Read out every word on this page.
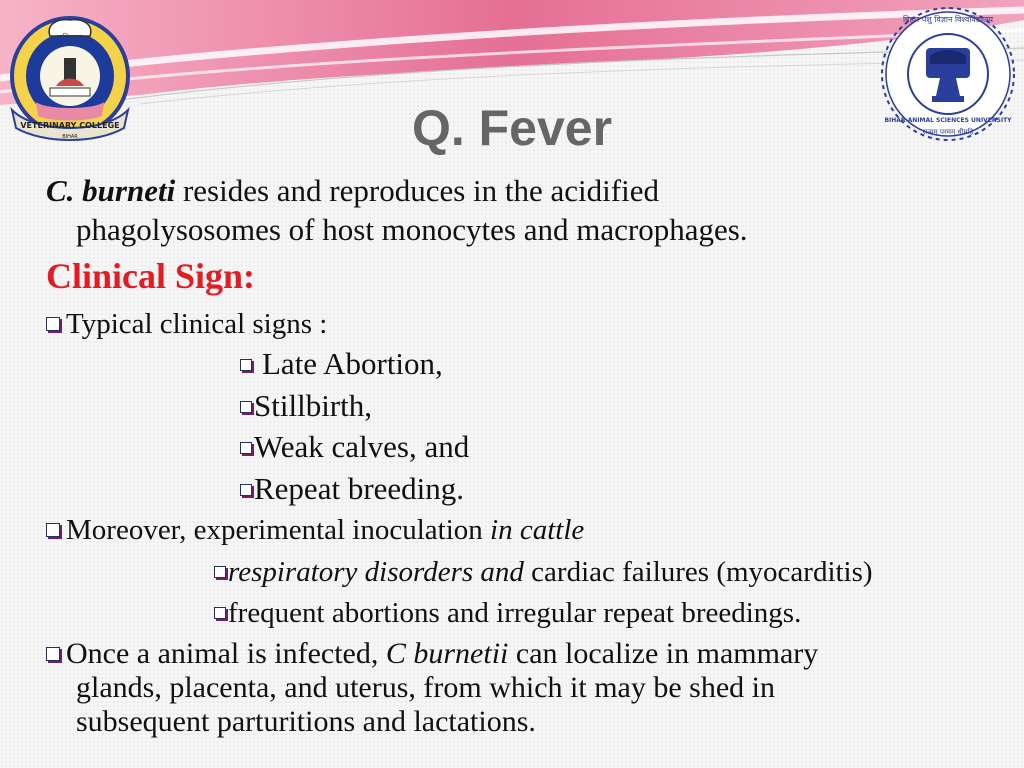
सद्विद्यावा
VETERINARY COLLEGE
BIHAR
बिहार पशु विज्ञान विश्वविद्यालय
BIHAR ANIMAL SCIENCES UNIVERSITY
सत्यम् परमम् धीमहि
Q. Fever
C. burneti resides and reproduces in the acidified
phagolysosomes of host monocytes and macrophages.
Clinical Sign:
Typical clinical signs :
Late Abortion,
Stillbirth,
Weak calves, and
Repeat breeding.
Moreover, experimental inoculation in cattle
respiratory disorders and cardiac failures (myocarditis)
frequent abortions and irregular repeat breedings.
Once a animal is infected, C burnetii can localize in mammary
glands, placenta, and uterus, from which it may be shed in
subsequent parturitions and lactations.
